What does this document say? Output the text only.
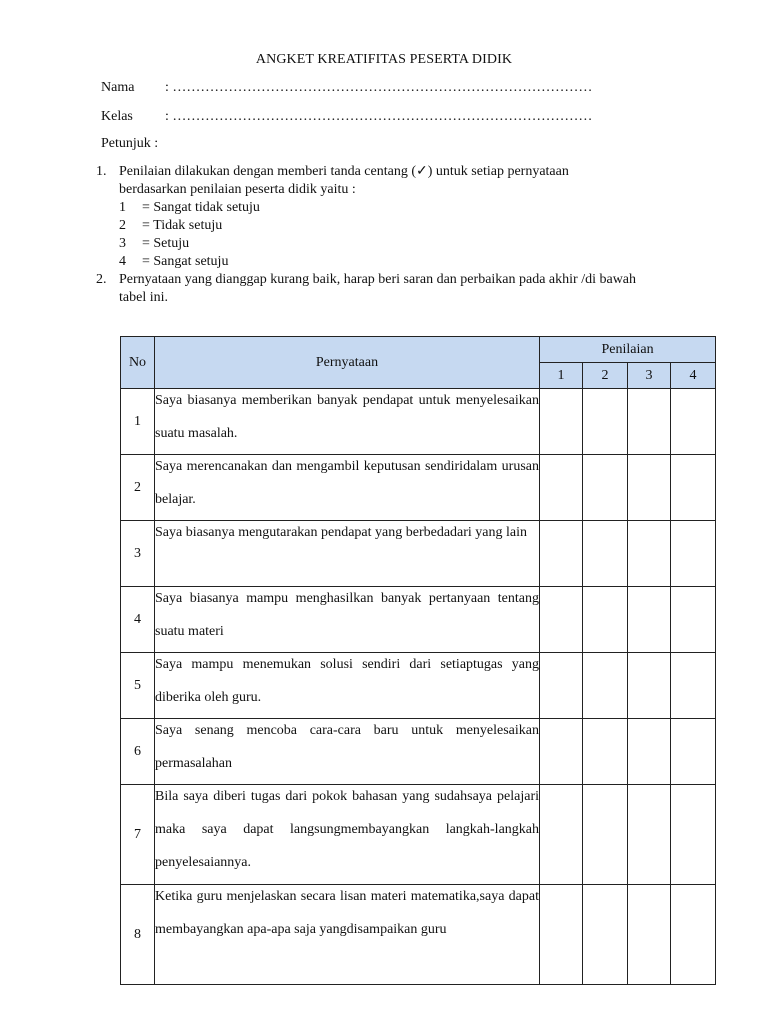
ANGKET KREATIFITAS PESERTA DIDIK
Nama : ………………………………………………………………………………
Kelas : ………………………………………………………………………………
Petunjuk :
1. Penilaian dilakukan dengan memberi tanda centang (✓) untuk setiap pernyataan
berdasarkan penilaian peserta didik yaitu :
1 = Sangat tidak setuju
2 = Tidak setuju
3 = Setuju
4 = Sangat setuju
2. Pernyataan yang dianggap kurang baik, harap beri saran dan perbaikan pada akhir /di bawah
tabel ini.
No	Pernyataan	Penilaian			
		1	2	3	4
1	Saya biasanya memberikan banyak pendapat untuk menyelesaikan suatu masalah.				

2	Saya merencanakan dan mengambil keputusan sendiridalam urusan belajar.				

3	Saya biasanya mengutarakan pendapat yang berbedadari yang lain				

4	Saya biasanya mampu menghasilkan banyak pertanyaan tentang suatu materi				

5	Saya mampu menemukan solusi sendiri dari setiaptugas yang diberika oleh guru.				

6	Saya senang mencoba cara-cara baru untuk menyelesaikan permasalahan				

7	Bila saya diberi tugas dari pokok bahasan yang sudahsaya pelajari maka saya dapat langsungmembayangkan langkah-langkah penyelesaiannya.				

8	Ketika guru menjelaskan secara lisan materi matematika,saya dapat membayangkan apa-apa saja yangdisampaikan guru				
